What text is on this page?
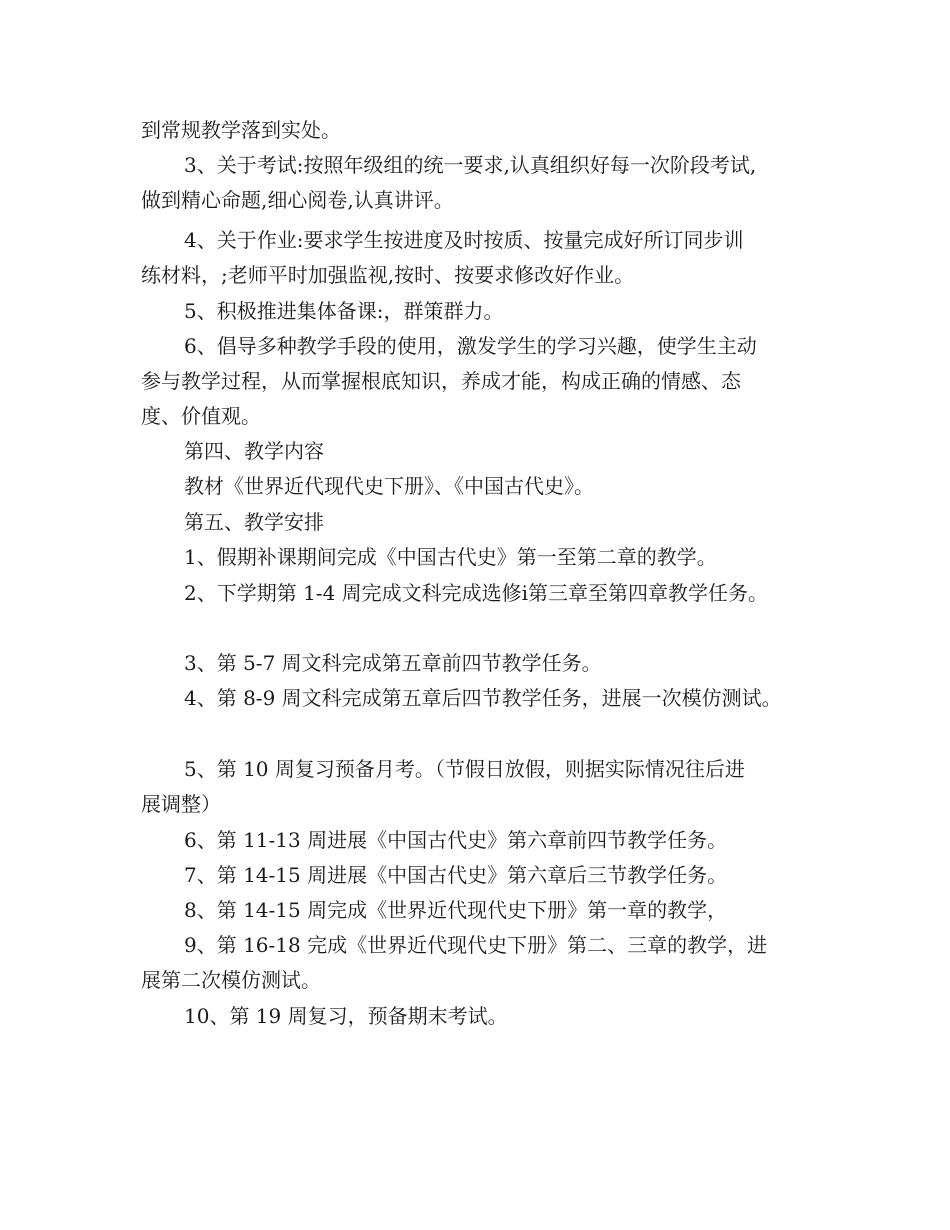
到常规教学落到实处。

3、关于考试:按照年级组的统一要求,认真组织好每一次阶段考试,

做到精心命题,细心阅卷,认真讲评。

4、关于作业:要求学生按进度及时按质、按量完成好所订同步训

练材料，;老师平时加强监视,按时、按要求修改好作业。

5、积极推进集体备课:，群策群力。

6、倡导多种教学手段的使用，激发学生的学习兴趣，使学生主动

参与教学过程，从而掌握根底知识，养成才能，构成正确的情感、态

度、价值观。

第四、教学内容

教材《世界近代现代史下册》、《中国古代史》。

第五、教学安排

1、假期补课期间完成《中国古代史》第一至第二章的教学。

2、下学期第 1-4 周完成文科完成选修ⅰ第三章至第四章教学任务。

3、第 5-7 周文科完成第五章前四节教学任务。

4、第 8-9 周文科完成第五章后四节教学任务，进展一次模仿测试。

5、第 10 周复习预备月考。（节假日放假，则据实际情况往后进

展调整）

6、第 11-13 周进展《中国古代史》第六章前四节教学任务。

7、第 14-15 周进展《中国古代史》第六章后三节教学任务。

8、第 14-15 周完成《世界近代现代史下册》第一章的教学，

9、第 16-18 完成《世界近代现代史下册》第二、三章的教学，进

展第二次模仿测试。

10、第 19 周复习，预备期末考试。
